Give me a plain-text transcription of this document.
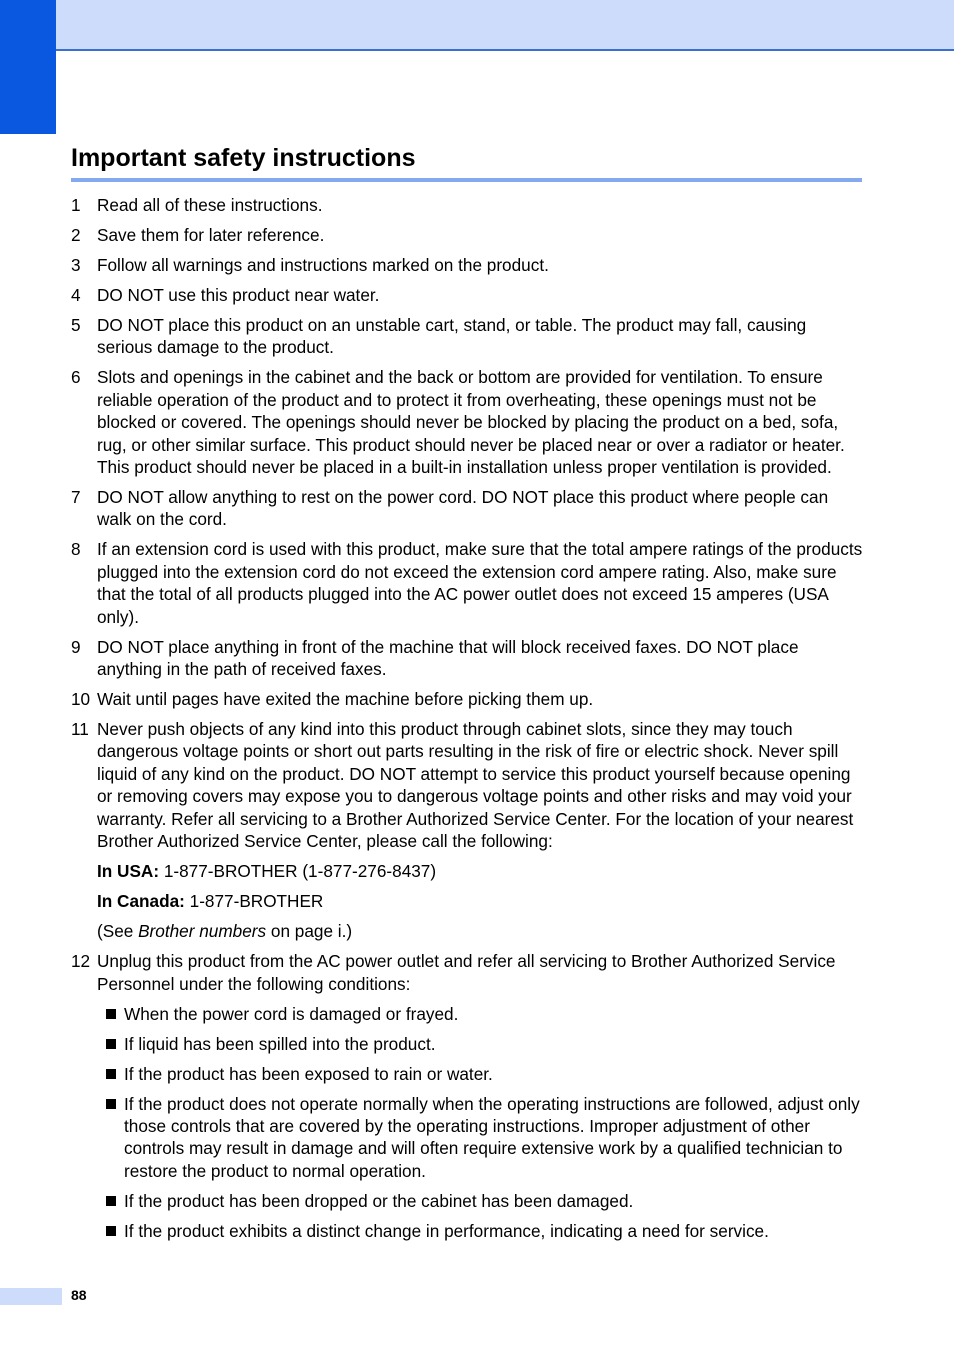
Important safety instructions
1 Read all of these instructions.
2 Save them for later reference.
3 Follow all warnings and instructions marked on the product.
4 DO NOT use this product near water.
5 DO NOT place this product on an unstable cart, stand, or table. The product may fall, causing serious damage to the product.
6 Slots and openings in the cabinet and the back or bottom are provided for ventilation. To ensure reliable operation of the product and to protect it from overheating, these openings must not be blocked or covered. The openings should never be blocked by placing the product on a bed, sofa, rug, or other similar surface. This product should never be placed near or over a radiator or heater. This product should never be placed in a built-in installation unless proper ventilation is provided.
7 DO NOT allow anything to rest on the power cord. DO NOT place this product where people can walk on the cord.
8 If an extension cord is used with this product, make sure that the total ampere ratings of the products plugged into the extension cord do not exceed the extension cord ampere rating. Also, make sure that the total of all products plugged into the AC power outlet does not exceed 15 amperes (USA only).
9 DO NOT place anything in front of the machine that will block received faxes. DO NOT place anything in the path of received faxes.
10 Wait until pages have exited the machine before picking them up.
11 Never push objects of any kind into this product through cabinet slots, since they may touch dangerous voltage points or short out parts resulting in the risk of fire or electric shock. Never spill liquid of any kind on the product. DO NOT attempt to service this product yourself because opening or removing covers may expose you to dangerous voltage points and other risks and may void your warranty. Refer all servicing to a Brother Authorized Service Center. For the location of your nearest Brother Authorized Service Center, please call the following:
In USA: 1-877-BROTHER (1-877-276-8437)
In Canada: 1-877-BROTHER
(See Brother numbers on page i.)
12 Unplug this product from the AC power outlet and refer all servicing to Brother Authorized Service Personnel under the following conditions:
When the power cord is damaged or frayed.
If liquid has been spilled into the product.
If the product has been exposed to rain or water.
If the product does not operate normally when the operating instructions are followed, adjust only those controls that are covered by the operating instructions. Improper adjustment of other controls may result in damage and will often require extensive work by a qualified technician to restore the product to normal operation.
If the product has been dropped or the cabinet has been damaged.
If the product exhibits a distinct change in performance, indicating a need for service.
88
